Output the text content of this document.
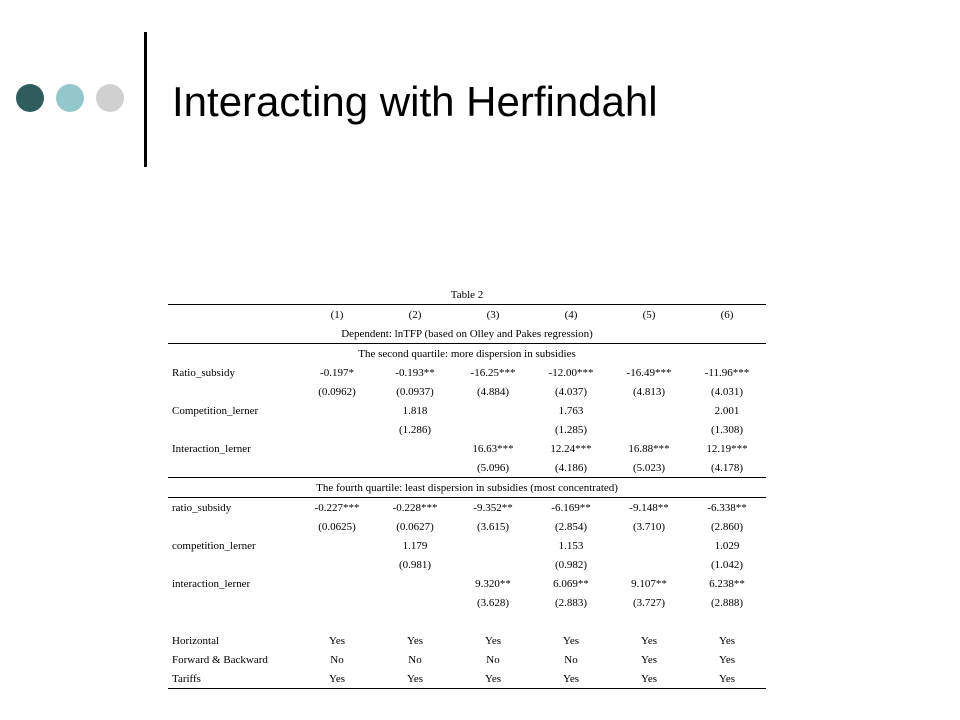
Interacting with Herfindahl
Table 2						
	(1)	(2)	(3)	(4)	(5)	(6)
Dependent: lnTFP (based on Olley and Pakes regression)						
The second quartile: more dispersion in subsidies						
Ratio_subsidy	-0.197*	-0.193**	-16.25***	-12.00***	-16.49***	-11.96***
	(0.0962)	(0.0937)	(4.884)	(4.037)	(4.813)	(4.031)
Competition_lerner		1.818		1.763		2.001
		(1.286)		(1.285)		(1.308)
Interaction_lerner			16.63***	12.24***	16.88***	12.19***
			(5.096)	(4.186)	(5.023)	(4.178)
The fourth quartile: least dispersion in subsidies (most concentrated)						
ratio_subsidy	-0.227***	-0.228***	-9.352**	-6.169**	-9.148**	-6.338**
	(0.0625)	(0.0627)	(3.615)	(2.854)	(3.710)	(2.860)
competition_lerner		1.179		1.153		1.029
		(0.981)		(0.982)		(1.042)
interaction_lerner			9.320**	6.069**	9.107**	6.238**
			(3.628)	(2.883)	(3.727)	(2.888)

Horizontal	Yes	Yes	Yes	Yes	Yes	Yes
Forward & Backward	No	No	No	No	Yes	Yes
Tariffs	Yes	Yes	Yes	Yes	Yes	Yes
